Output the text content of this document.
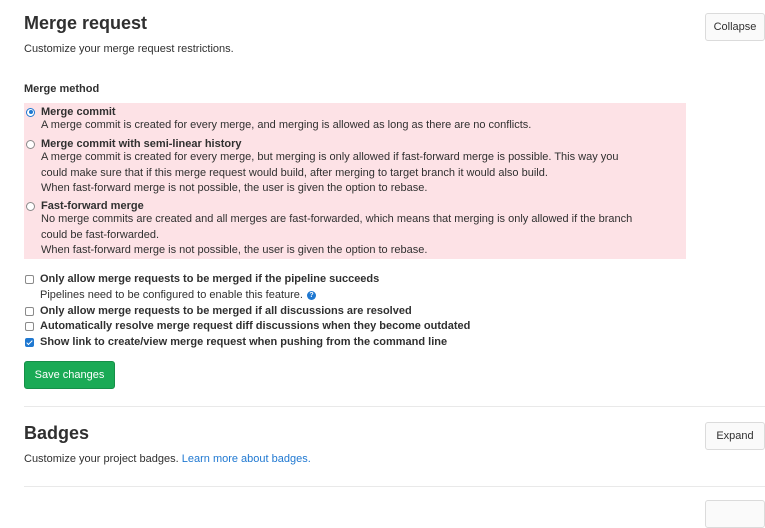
Merge request
Customize your merge request restrictions.
Collapse
Merge method
Merge commit
A merge commit is created for every merge, and merging is allowed as long as there are no conflicts.
Merge commit with semi-linear history
A merge commit is created for every merge, but merging is only allowed if fast-forward merge is possible. This way you
could make sure that if this merge request would build, after merging to target branch it would also build.
When fast-forward merge is not possible, the user is given the option to rebase.
Fast-forward merge
No merge commits are created and all merges are fast-forwarded, which means that merging is only allowed if the branch
could be fast-forwarded.
When fast-forward merge is not possible, the user is given the option to rebase.
Only allow merge requests to be merged if the pipeline succeeds
Pipelines need to be configured to enable this feature. ?
Only allow merge requests to be merged if all discussions are resolved
Automatically resolve merge request diff discussions when they become outdated
Show link to create/view merge request when pushing from the command line
Save changes
Badges
Customize your project badges. Learn more about badges.
Expand
